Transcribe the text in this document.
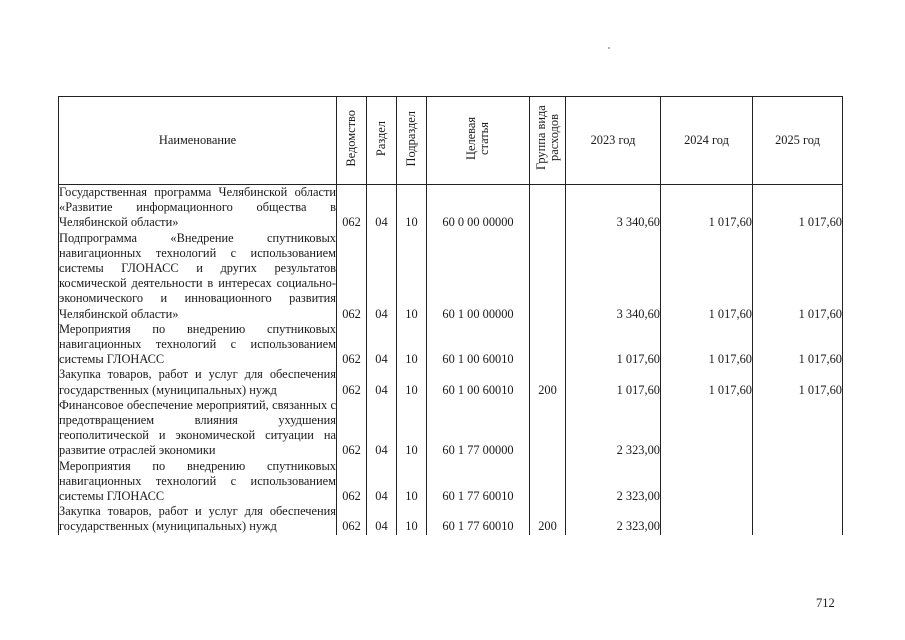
Наименование	Ведомство	Раздел	Подраздел	Целевая статья	Группа вида расходов	2023 год	2024 год	2025 год
Государственная программа Челябинской области «Развитие информационного общества в Челябинской области»	062	04	10	60 0 00 00000		3 340,60	1 017,60	1 017,60
Подпрограмма «Внедрение спутниковых навигационных технологий с использованием системы ГЛОНАСС и других результатов космической деятельности в интересах социально-экономического и инновационного развития Челябинской области»	062	04	10	60 1 00 00000		3 340,60	1 017,60	1 017,60
Мероприятия по внедрению спутниковых навигационных технологий с использованием системы ГЛОНАСС	062	04	10	60 1 00 60010		1 017,60	1 017,60	1 017,60
Закупка товаров, работ и услуг для обеспечения государственных (муниципальных) нужд	062	04	10	60 1 00 60010	200	1 017,60	1 017,60	1 017,60
Финансовое обеспечение мероприятий, связанных с предотвращением влияния ухудшения геополитической и экономической ситуации на развитие отраслей экономики	062	04	10	60 1 77 00000		2 323,00		
Мероприятия по внедрению спутниковых навигационных технологий с использованием системы ГЛОНАСС	062	04	10	60 1 77 60010		2 323,00		
Закупка товаров, работ и услуг для обеспечения государственных (муниципальных) нужд	062	04	10	60 1 77 60010	200	2 323,00		
712
